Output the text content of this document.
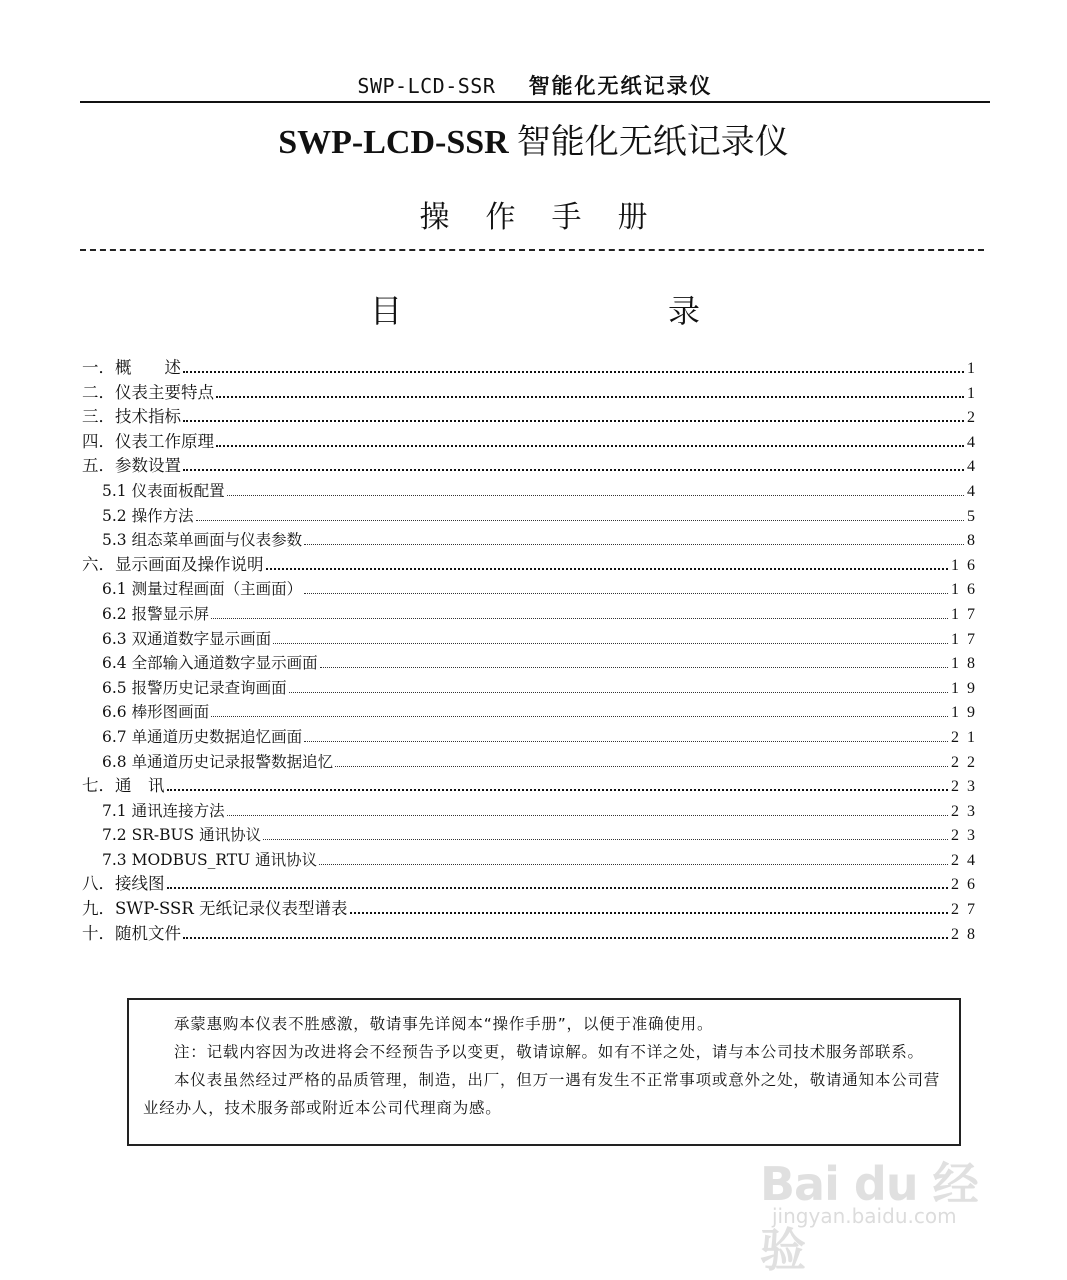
SWP-LCD-SSR 智能化无纸记录仪
SWP-LCD-SSR 智能化无纸记录仪
操作手册
目	录
一．概　　述	1
二．仪表主要特点	1
三．技术指标	2
四．仪表工作原理	4
五．参数设置	4
5.1 仪表面板配置	4
5.2 操作方法	5
5.3 组态菜单画面与仪表参数	8
六．显示画面及操作说明	16
6.1 测量过程画面（主画面）	16
6.2 报警显示屏	17
6.3 双通道数字显示画面	17
6.4 全部输入通道数字显示画面	18
6.5 报警历史记录查询画面	19
6.6 棒形图画面	19
6.7 单通道历史数据追忆画面	21
6.8 单通道历史记录报警数据追忆	22
七．通　讯	23
7.1 通讯连接方法	23
7.2 SR-BUS 通讯协议	23
7.3 MODBUS_RTU 通讯协议	24
八．接线图	26
九．SWP-SSR 无纸记录仪表型谱表	27
十．随机文件	28

承蒙惠购本仪表不胜感激，敬请事先详阅本“操作手册”，以便于准确使用。

注：记载内容因为改进将会不经预告予以变更，敬请谅解。如有不详之处，请与本公司技术服务部联系。

本仪表虽然经过严格的品质管理，制造，出厂，但万一遇有发生不正常事项或意外之处，敬请通知本公司营业经办人，技术服务部或附近本公司代理商为感。

Bai du 经验
jingyan.baidu.com
